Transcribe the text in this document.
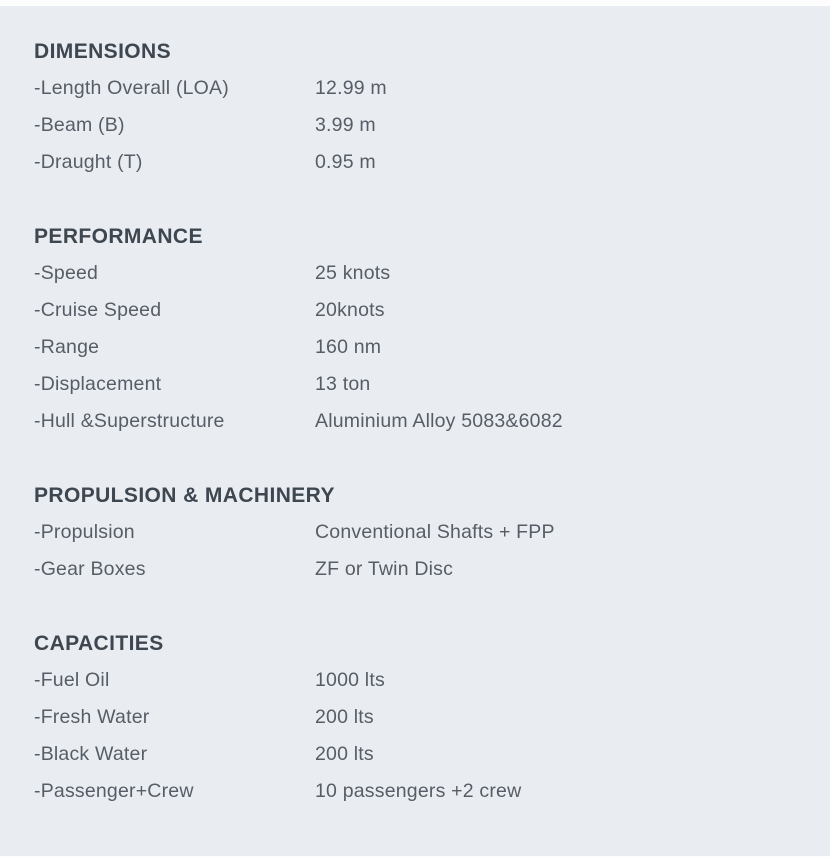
DIMENSIONS
-Length Overall (LOA)	12.99 m
-Beam (B)	3.99 m
-Draught (T)	0.95 m
PERFORMANCE
-Speed	25 knots
-Cruise Speed	20knots
-Range	160 nm
-Displacement	13 ton
-Hull &Superstructure	Aluminium Alloy 5083&6082
PROPULSION & MACHINERY
-Propulsion	Conventional Shafts + FPP
-Gear Boxes	ZF or Twin Disc
CAPACITIES
-Fuel Oil	1000 lts
-Fresh Water	200 lts
-Black Water	200 lts
-Passenger+Crew	10 passengers +2 crew
